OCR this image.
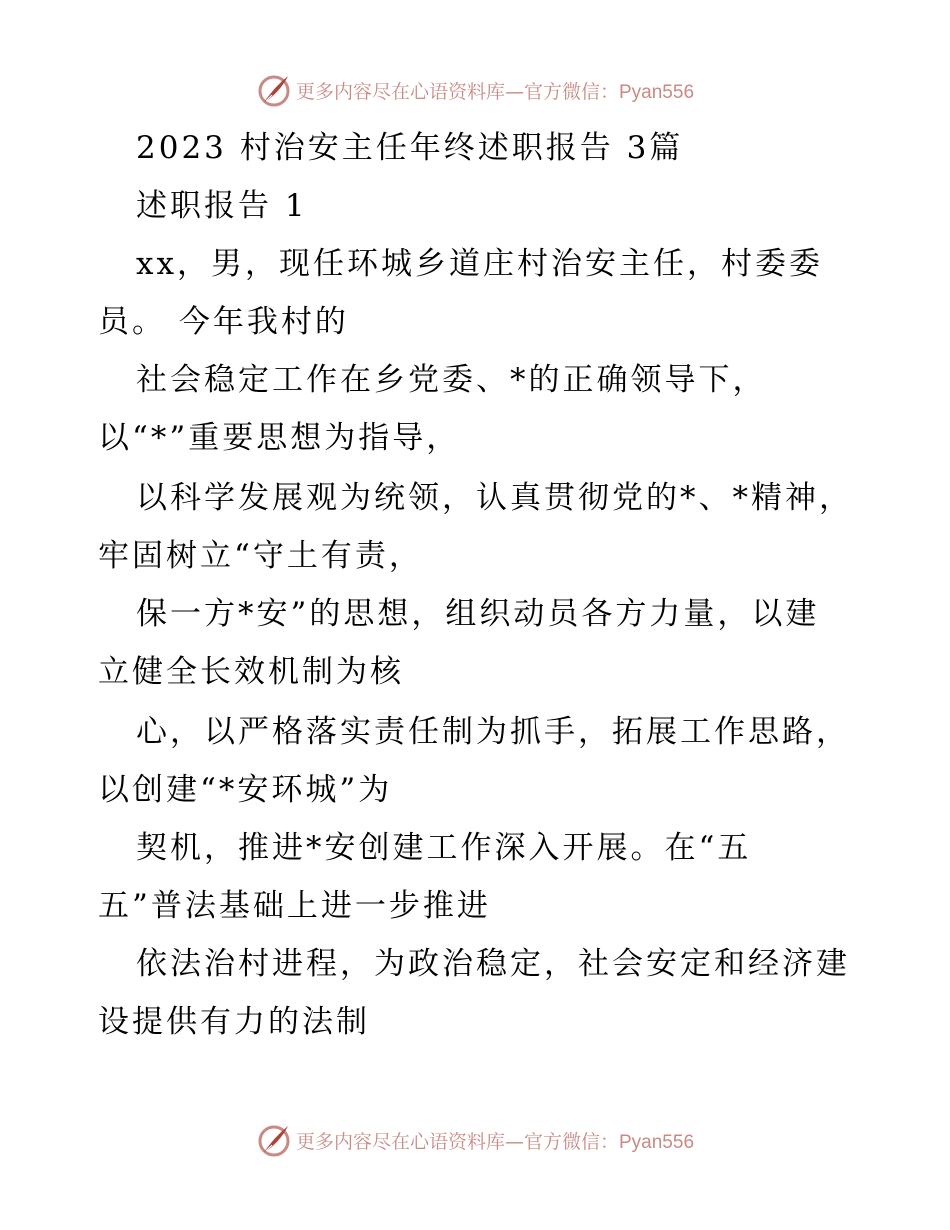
更多内容尽在心语资料库—官方微信：Pyan556
2023 村治安主任年终述职报告 3篇
述职报告 1
xx，男，现任环城乡道庄村治安主任，村委委
员。 今年我村的
社会稳定工作在乡党委、*的正确领导下，
以“*”重要思想为指导，
以科学发展观为统领，认真贯彻党的*、*精神，
牢固树立“守土有责，
保一方*安”的思想，组织动员各方力量，以建
立健全长效机制为核
心，以严格落实责任制为抓手，拓展工作思路，
以创建“*安环城”为
契机，推进*安创建工作深入开展。在“五
五”普法基础上进一步推进
依法治村进程，为政治稳定，社会安定和经济建
设提供有力的法制
更多内容尽在心语资料库—官方微信：Pyan556
